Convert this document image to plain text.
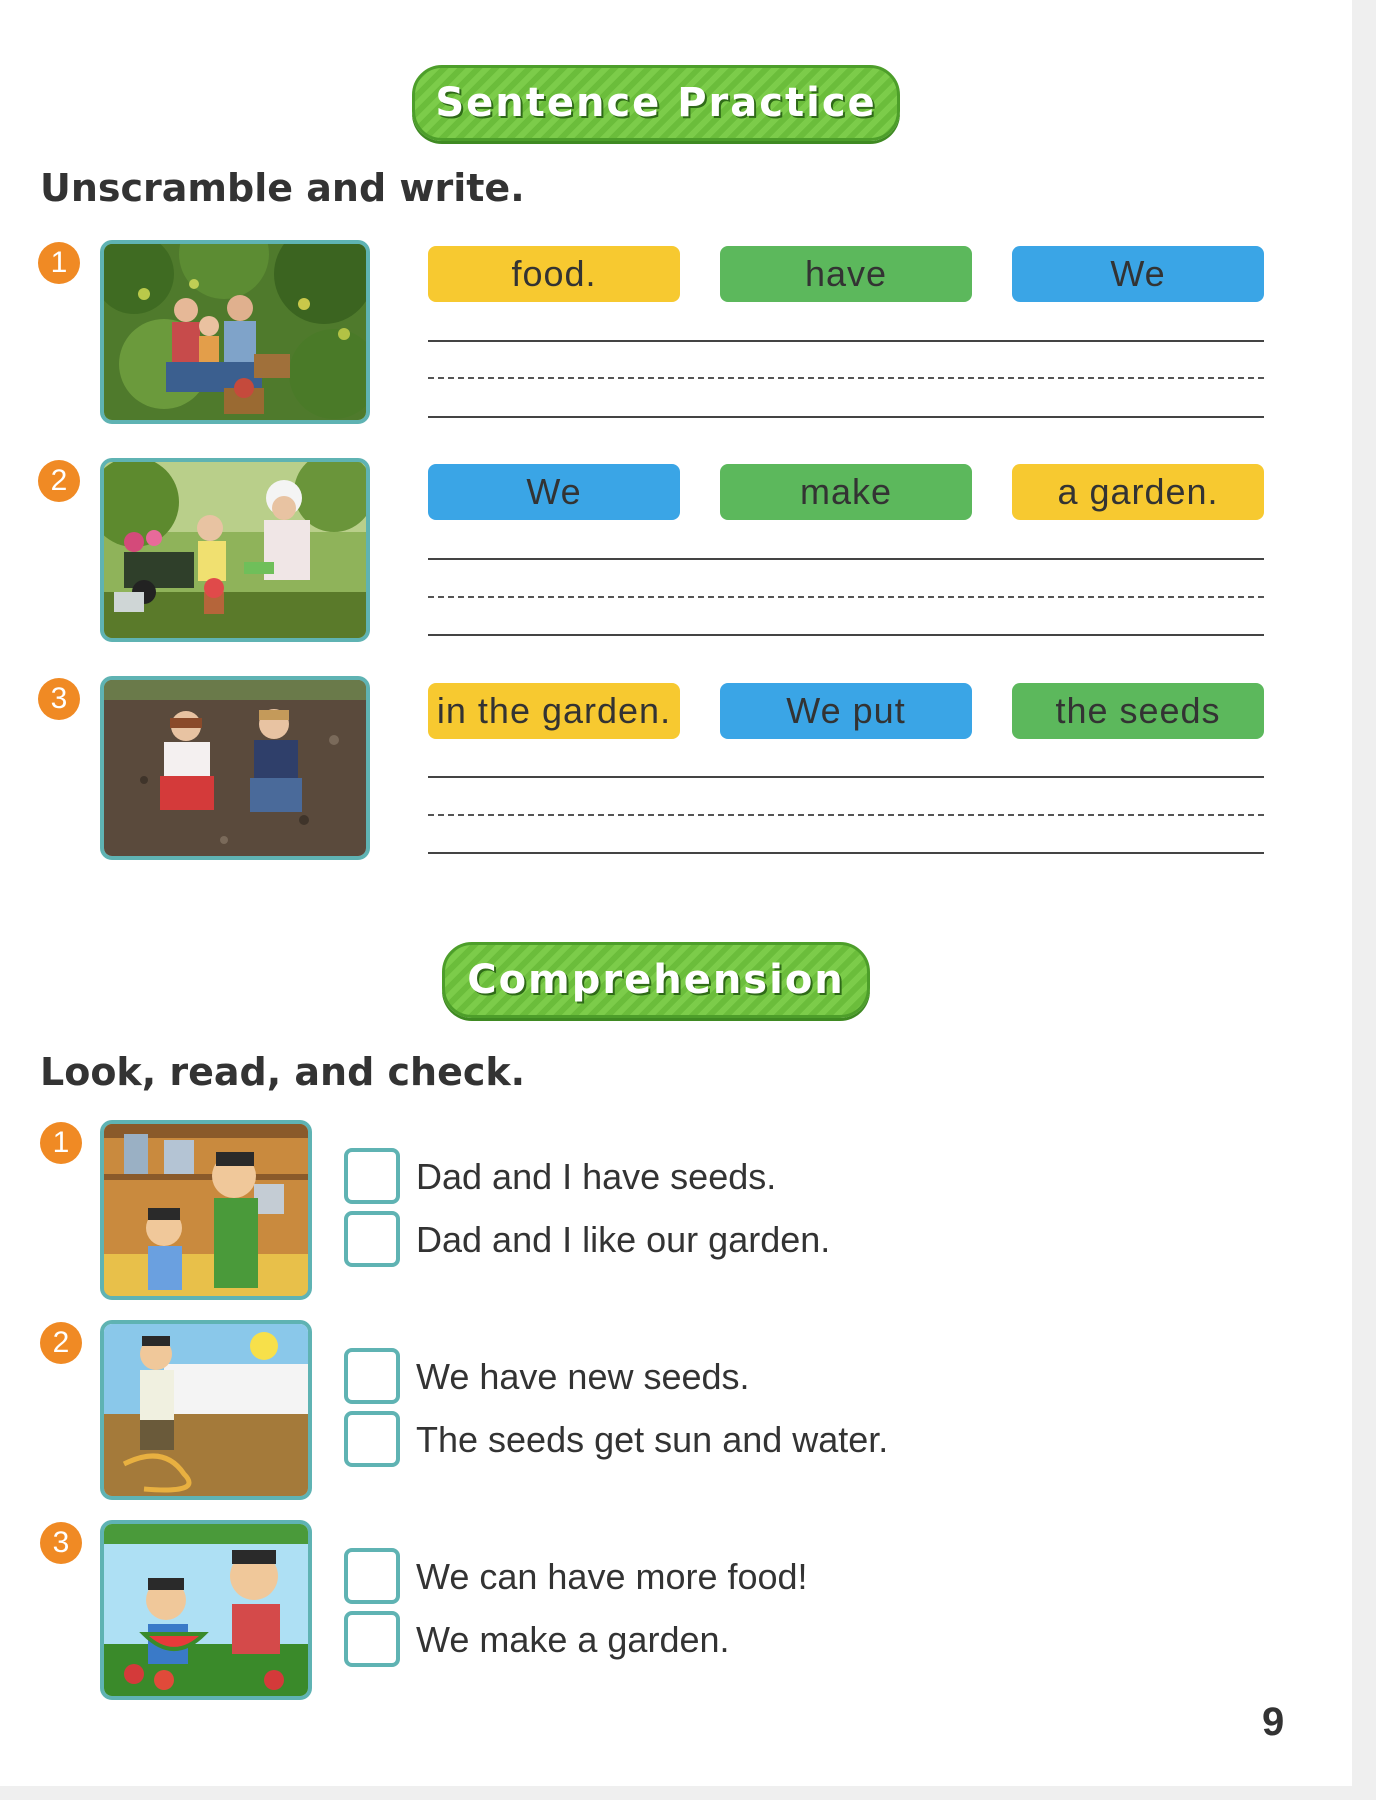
Sentence Practice
Unscramble and write.
1	food.	have	We
2	We	make	a garden.
3	in the garden.	We put	the seeds
Comprehension
Look, read, and check.
1
Dad and I have seeds.
Dad and I like our garden.
2
We have new seeds.
The seeds get sun and water.
3
We can have more food!
We make a garden.
9
